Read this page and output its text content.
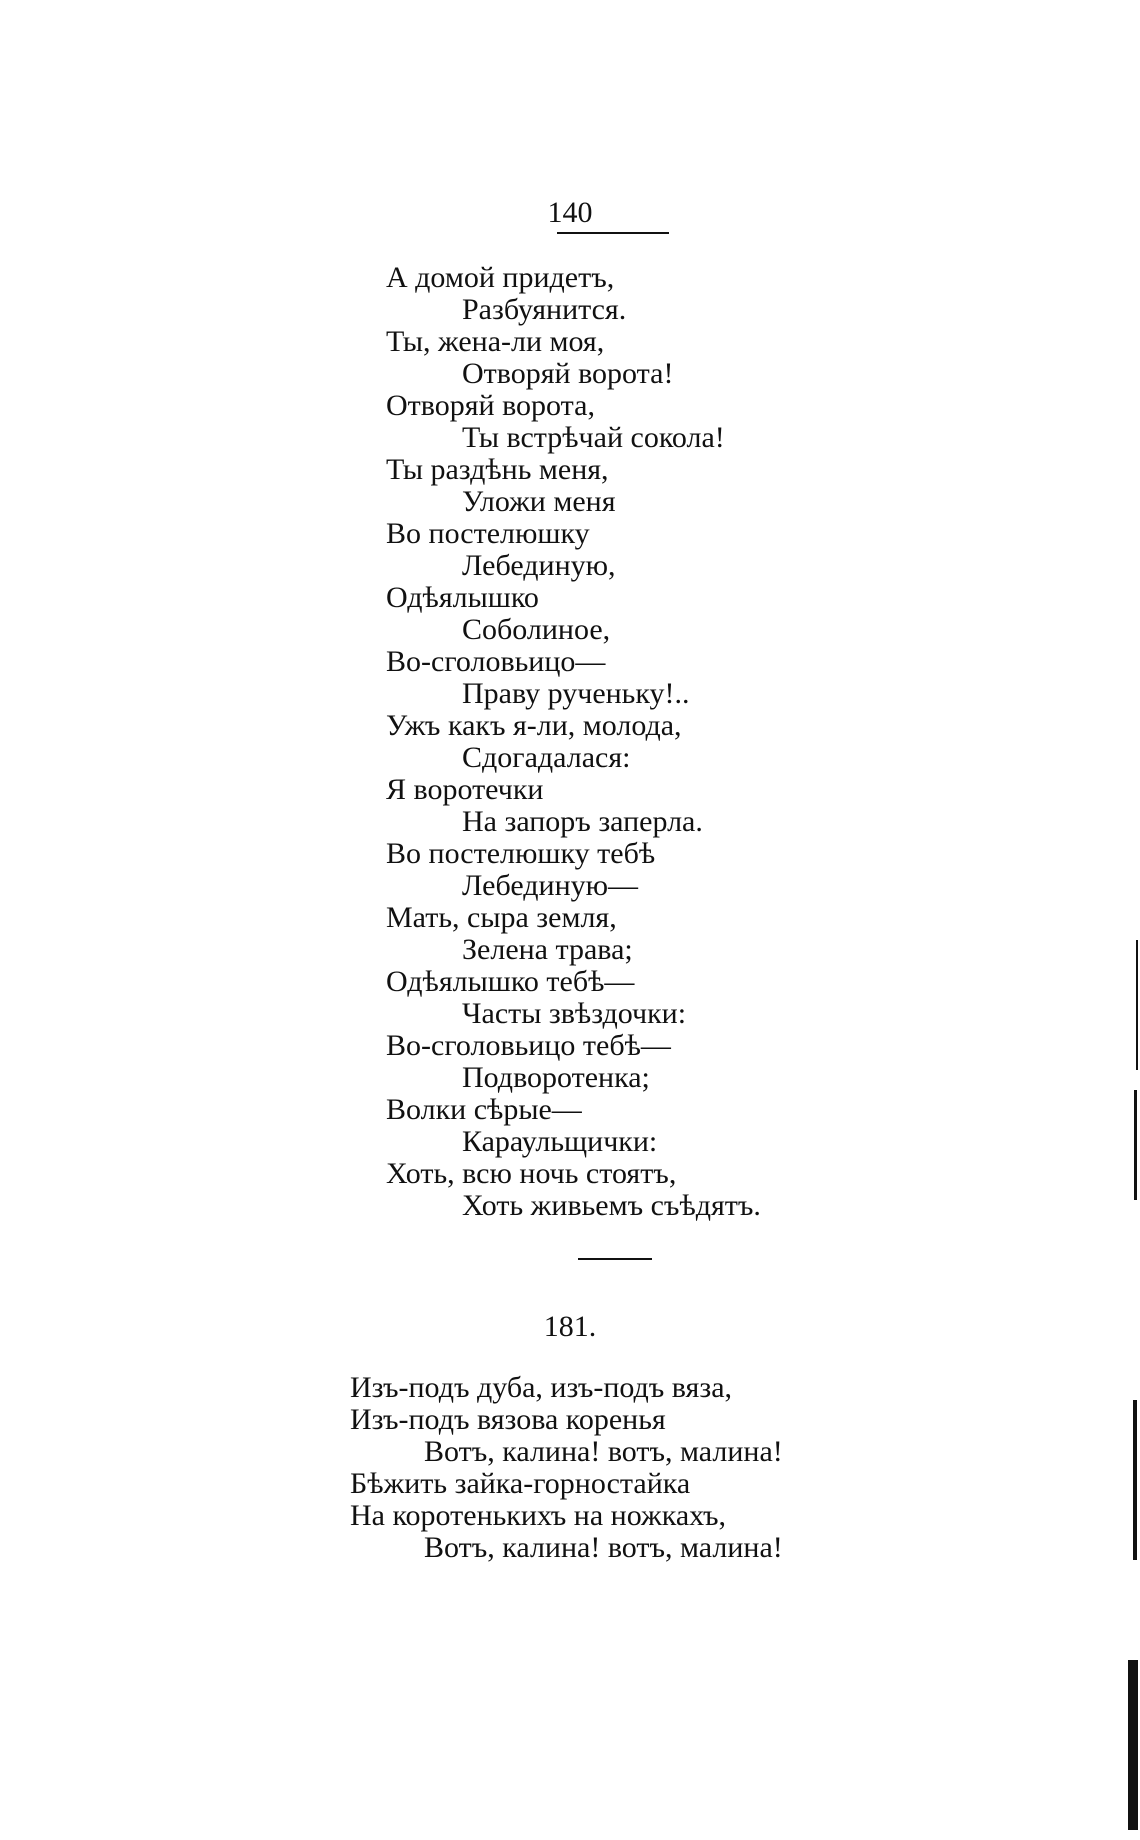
140
А домой придетъ,
Разбуянится.
Ты, жена-ли моя,
Отворяй ворота!
Отворяй ворота,
Ты встрѣчай сокола!
Ты раздѣнь меня,
Уложи меня
Во постелюшку
Лебединую,
Одѣялышко
Соболиное,
Во-сголовьицо—
Праву рученьку!..
Ужъ какъ я-ли, молода,
Сдогадалася:
Я воротечки
На запоръ заперла.
Во постелюшку тебѣ
Лебединую—
Мать, сыра земля,
Зелена трава;
Одѣялышко тебѣ—
Часты звѣздочки:
Во-сголовьицо тебѣ—
Подворотенка;
Волки сѣрые—
Караульщички:
Хоть, всю ночь стоятъ,
Хоть живьемъ съѣдятъ.
181.
Изъ-подъ дуба, изъ-подъ вяза,
Изъ-подъ вязова коренья
Вотъ, калина! вотъ, малина!
Бѣжить зайка-горностайка
На коротенькихъ на ножкахъ,
Вотъ, калина! вотъ, малина!
